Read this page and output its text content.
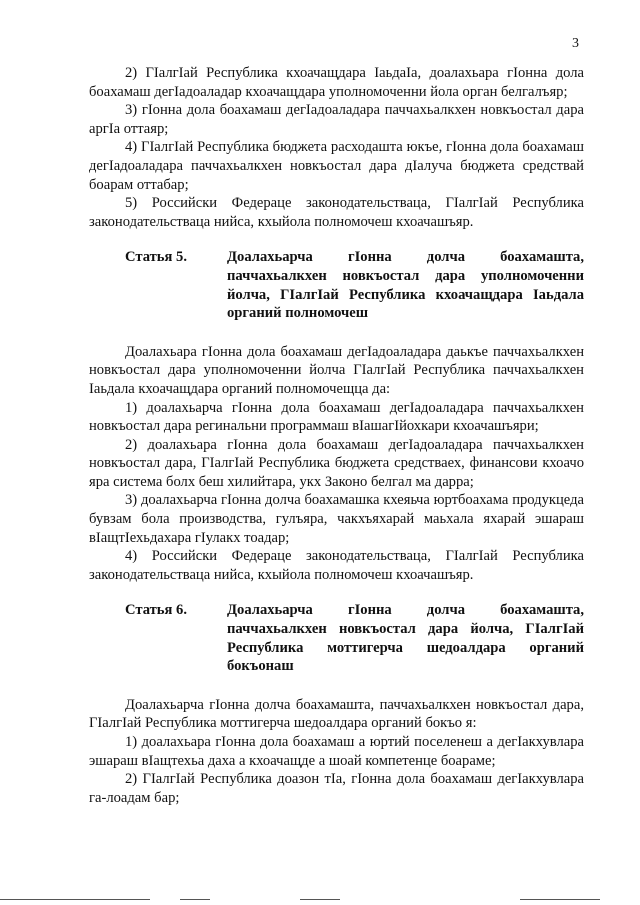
3

2) ГӀалгӀай Республика кхоачащдара ӀаьдаӀа, доалахьара гӀонна дола боахамаш дегӀадоаладар кхоачащдара уполномоченни йола орган белгалъяр;

3) гӀонна дола боахамаш дегӀадоаладара паччахьалкхен новкъостал дара аргӀа оттаяр;

4) ГӀалгӀай Республика бюджета расходашта юкъе, гӀонна дола боахамаш дегӀадоаладара паччахьалкхен новкъостал дара дӀалуча бюджета средствай боарам оттабар;

5) Российски Федераце законодательстваца, ГӀалгӀай Республика законодательстваца нийса, кхыйола полномочеш кхоачашъяр.

Статья 5.	Доалахьарча гӀонна долча боахамашта, паччахьалкхен новкъостал дара уполномоченни йолча, ГӀалгӀай Республика кхоачащдара Ӏаьдала органий полномочеш

Доалахьара гӀонна дола боахамаш дегӀадоаладара даькъе паччахьалкхен новкъостал дара уполномоченни йолча ГӀалгӀай Республика паччахьалкхен Ӏаьдала кхоачащдара органий полномочещца да:

1) доалахьарча гӀонна дола боахамаш дегӀадоаладара паччахьалкхен новкъостал дара регинальни программаш вӀашагӀйохкари кхоачашъяри;

2) доалахьара гӀонна дола боахамаш дегӀадоаладара паччахьалкхен новкъостал дара, ГӀалгӀай Республика бюджета средстваех, финансови кхоачо яра система болх беш хилийтара, укх Законо белгал ма дарра;

3) доалахьарча гӀонна долча боахамашка кхеяьча юртбоахама продукцеда бувзам бола производства, гулъяра, чакхъяхарай маьхала яхарай эшараш вӀащтӀехьдахара гӀулакх тоадар;

4) Российски Федераце законодательстваца, ГӀалгӀай Республика законодательстваца нийса, кхыйола полномочеш кхоачашъяр.

Статья 6.	Доалахьарча гӀонна долча боахамашта, паччахьалкхен новкъостал дара йолча, ГӀалгӀай Республика моттигерча шедоалдара органий бокъонаш

Доалахьарча гӀонна долча боахамашта, паччахьалкхен новкъостал дара, ГӀалгӀай Республика моттигерча шедоалдара органий бокъо я:

1) доалахьара гӀонна дола боахамаш а юртий поселенеш а дегӀакхувлара эшараш вӀащтехьа даха а кхоачащде а шоай компетенце боараме;

2) ГӀалгӀай Республика доазон тӀа, гӀонна дола боахамаш дегӀакхувлара га-лоадам бар;
